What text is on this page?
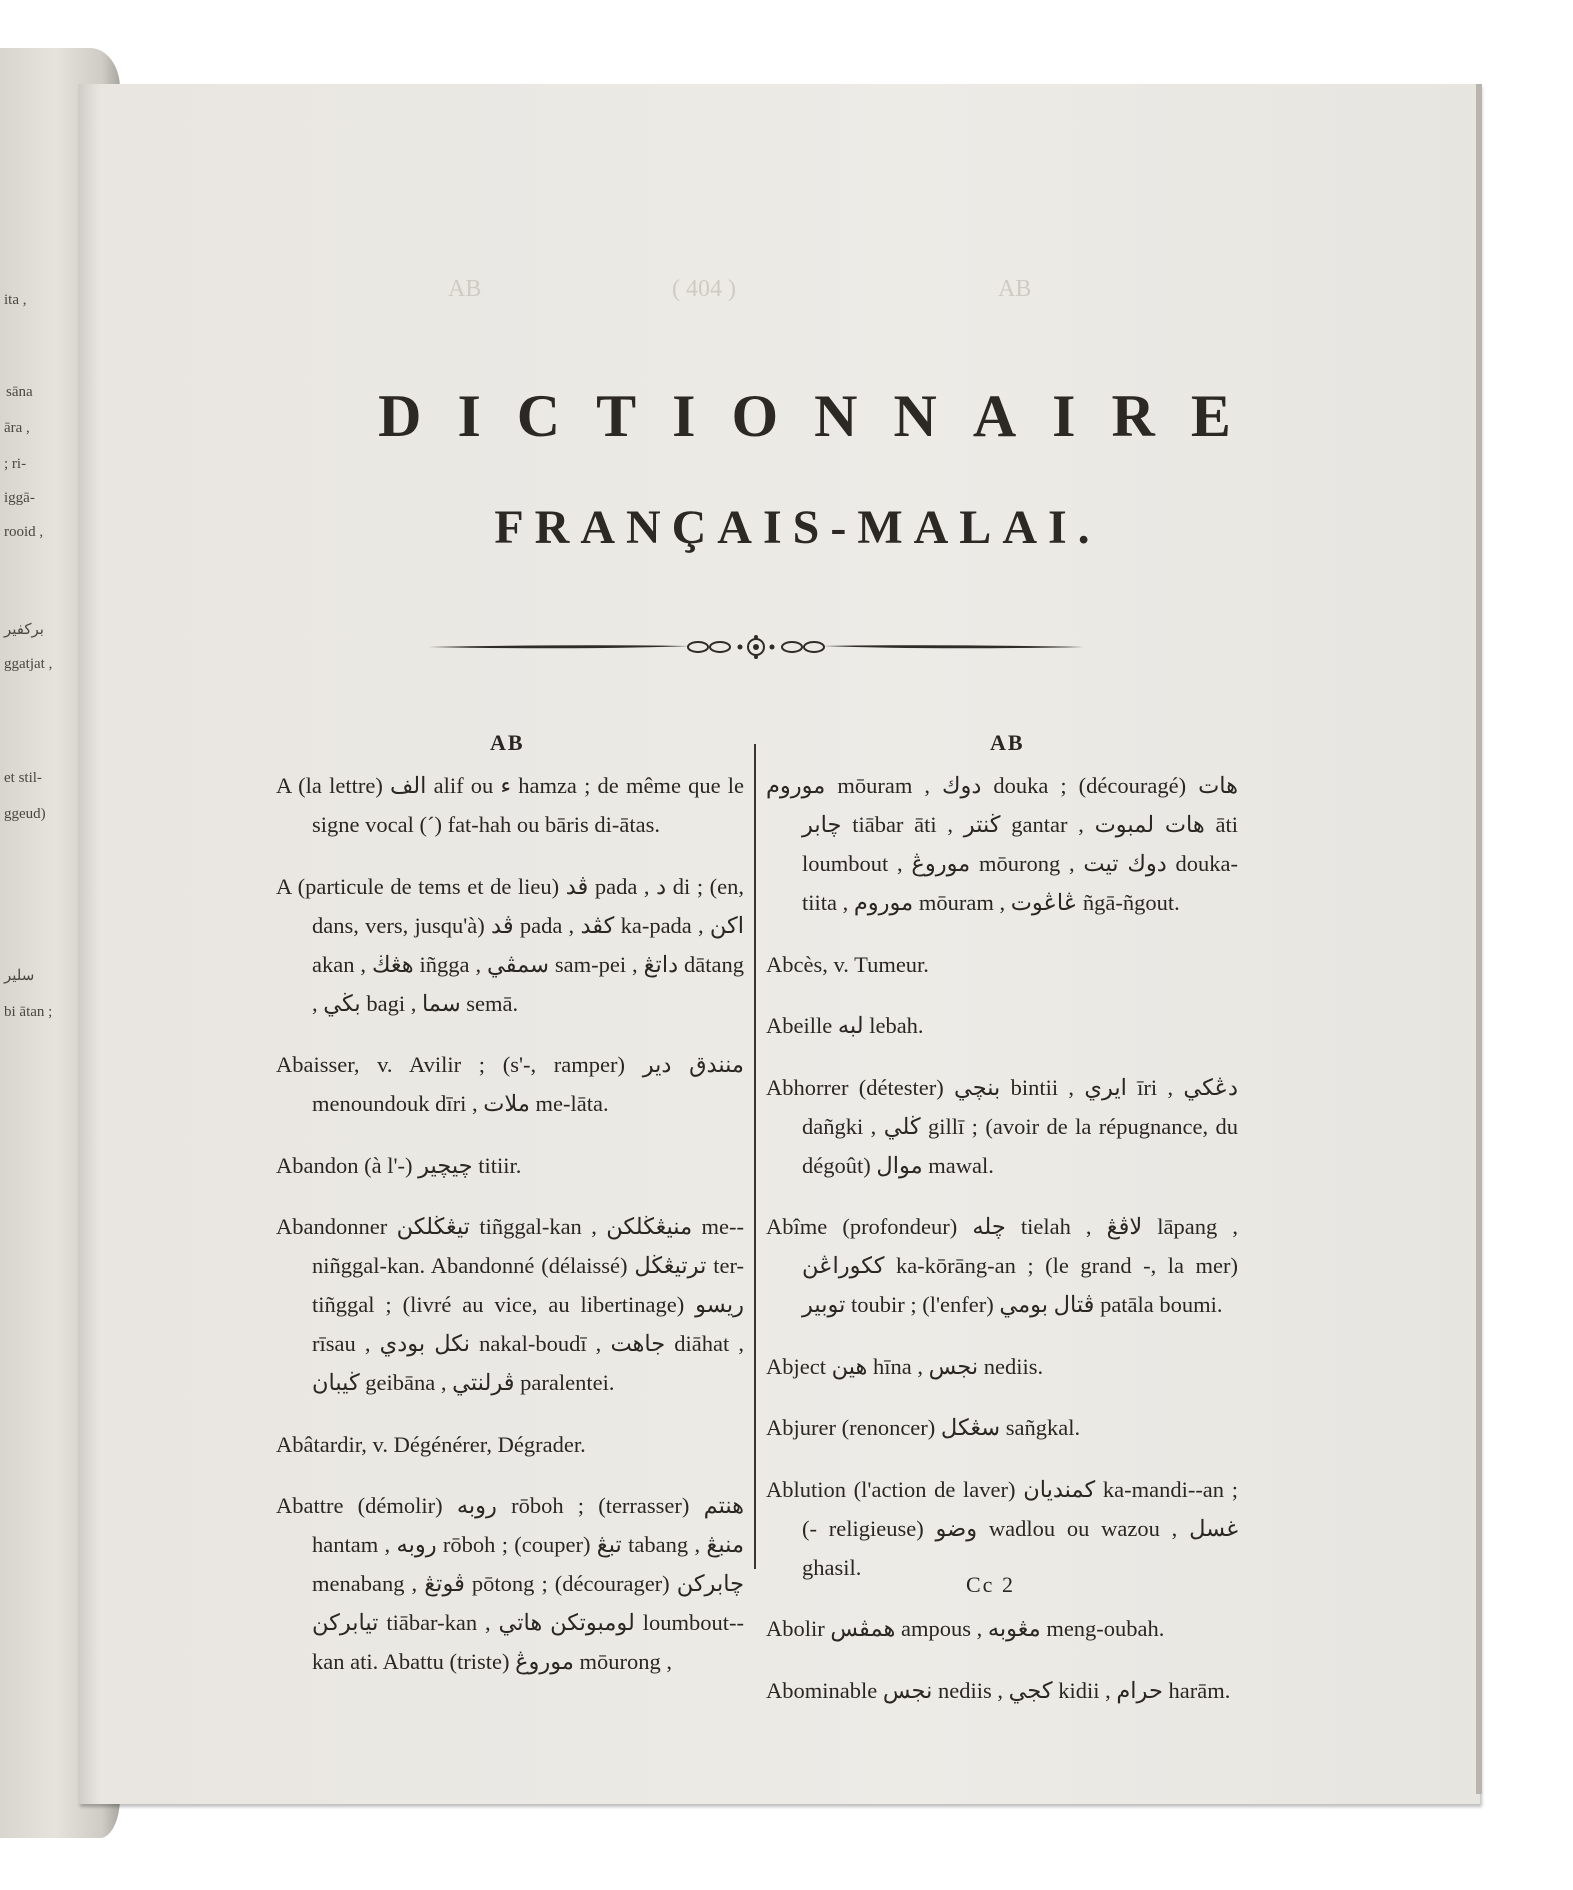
ita ,
sāna
āra ,
; ri-
iggā-
rooid ,
بركفير
ggatjat ,
et stil-
ggeud)
سلير
bi ātan ;
AB	( 404 )	AB
DICTIONNAIRE
FRANÇAIS-MALAI.
AB	AB

A (la lettre) الف alif ou ء hamza ; de même que le signe vocal (´) fat-hah ou bāris di-ātas.

A (particule de tems et de lieu) ڤد pada , د di ; (en, dans, vers, jusqu'à) ڤد pada , كڤد ka-pada , اكن akan , هڠڬ iñgga , سمڤي sam-pei , داتڠ dātang , بڬي bagi , سما semā.

Abaisser, v. Avilir ; (s'-, ramper) منندق دير menoundouk dīri , ملات me-lāta.

Abandon (à l'-) چيچير titiir.

Abandonner تيڠڬلكن tiñggal-kan , منيڠڬلكن me--niñggal-kan. Abandonné (délaissé) ترتيڠڬل ter-tiñggal ; (livré au vice, au libertinage) ريسو rīsau , نكل بودي nakal-boudī , جاهت diāhat , ڬيبان geibāna , ڤرلنتي paralentei.

Abâtardir, v. Dégénérer, Dégrader.

Abattre (démolir) روبه rōboh ; (terrasser) هنتم hantam , روبه rōboh ; (couper) تبڠ tabang , منبڠ menabang , ڤوتڠ pōtong ; (décourager) چابركن تيابركن tiābar-kan , لومبوتكن هاتي loumbout--kan ati. Abattu (triste) موروڠ mōurong ,

موروم mōuram , دوك douka ; (découragé) هات چابر tiābar āti , ڬنتر gantar , هات لمبوت āti loumbout , موروڠ mōurong , دوك تيت douka-tiita , موروم mōuram , ڠاڠوت ñgā-ñgout.

Abcès, v. Tumeur.

Abeille لبه lebah.

Abhorrer (détester) بنچي bintii , ايري īri , دڠكي dañgki , ڬلي gillī ; (avoir de la répugnance, du dégoût) موال mawal.

Abîme (profondeur) چله tielah , لاڤڠ lāpang , ككوراڠن ka-kōrāng-an ; (le grand -, la mer) توبير toubir ; (l'enfer) ڤتال بومي patāla boumi.

Abject هين hīna , نجس nediis.

Abjurer (renoncer) سڠكل sañgkal.

Ablution (l'action de laver) كمنديان ka-mandi--an ; (- religieuse) وضو wadlou ou wazou , غسل ghasil.

Abolir همڤس ampous , مڠوبه meng-oubah.

Abominable نجس nediis , كجي kidii , حرام harām.

Cc 2
